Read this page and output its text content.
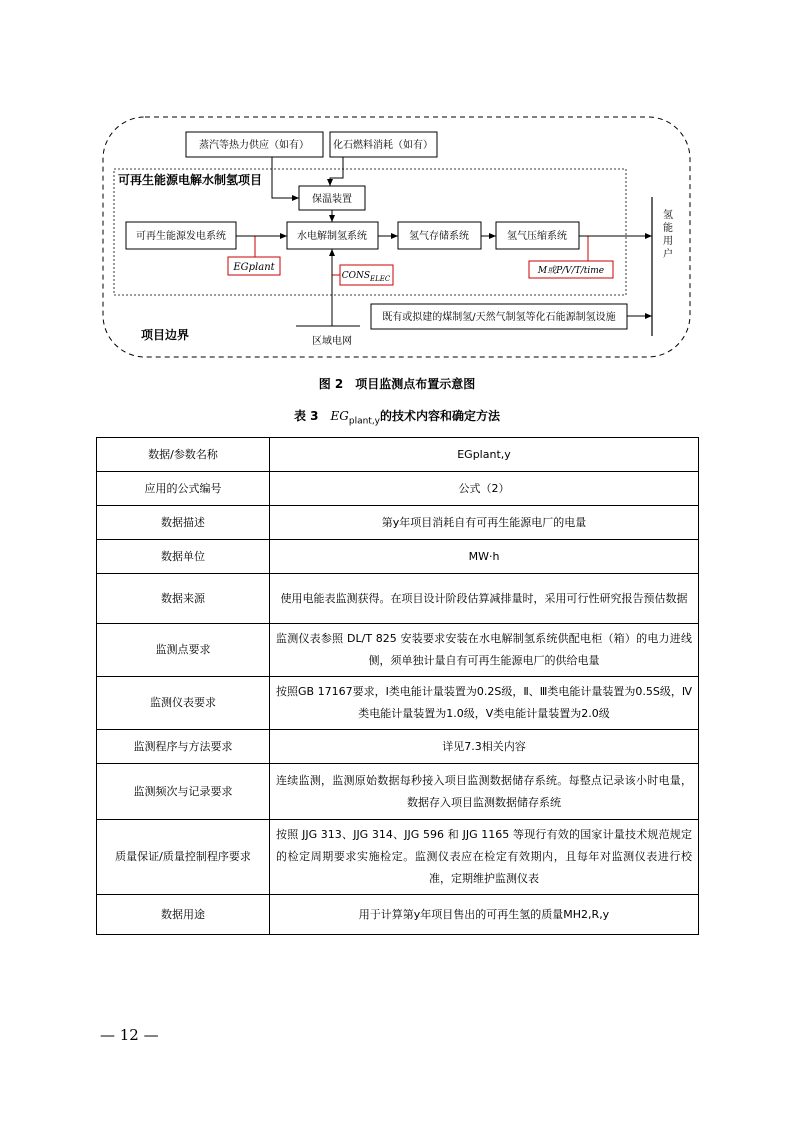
蒸汽等热力供应（如有） 化石燃料消耗（如有）
保温装置
可再生能源发电系统	水电解制氢系统	氢气存储系统	氢气压缩系统
既有或拟建的煤制氢/天然气制氢等化石能源制氢设施
区域电网
可再生能源电解水制氢项目
项目边界
氢能用户
EGplant
$CONS_{ELEC}$
M或P/V/T/time
图 2　项目监测点布置示意图
表 3　$EG_{plant,y}$的技术内容和确定方法
数据/参数名称	EGplant,y
应用的公式编号	公式（2）
数据描述	第y年项目消耗自有可再生能源电厂的电量
数据单位	MW·h
数据来源	使用电能表监测获得。在项目设计阶段估算减排量时，采用可行性研究报告预估数据
监测点要求	监测仪表参照 DL/T 825 安装要求安装在水电解制氢系统供配电柜（箱）的电力进线侧，须单独计量自有可再生能源电厂的供给电量
监测仪表要求	按照GB 17167要求，Ⅰ类电能计量装置为0.2S级，Ⅱ、Ⅲ类电能计量装置为0.5S级，Ⅳ类电能计量装置为1.0级，Ⅴ类电能计量装置为2.0级
监测程序与方法要求	详见7.3相关内容
监测频次与记录要求	连续监测，监测原始数据每秒接入项目监测数据储存系统。每整点记录该小时电量，数据存入项目监测数据储存系统
质量保证/质量控制程序要求	按照 JJG 313、JJG 314、JJG 596 和 JJG 1165 等现行有效的国家计量技术规范规定的检定周期要求实施检定。监测仪表应在检定有效期内，且每年对监测仪表进行校准，定期维护监测仪表
数据用途	用于计算第y年项目售出的可再生氢的质量MH2,R,y
— 12 —
